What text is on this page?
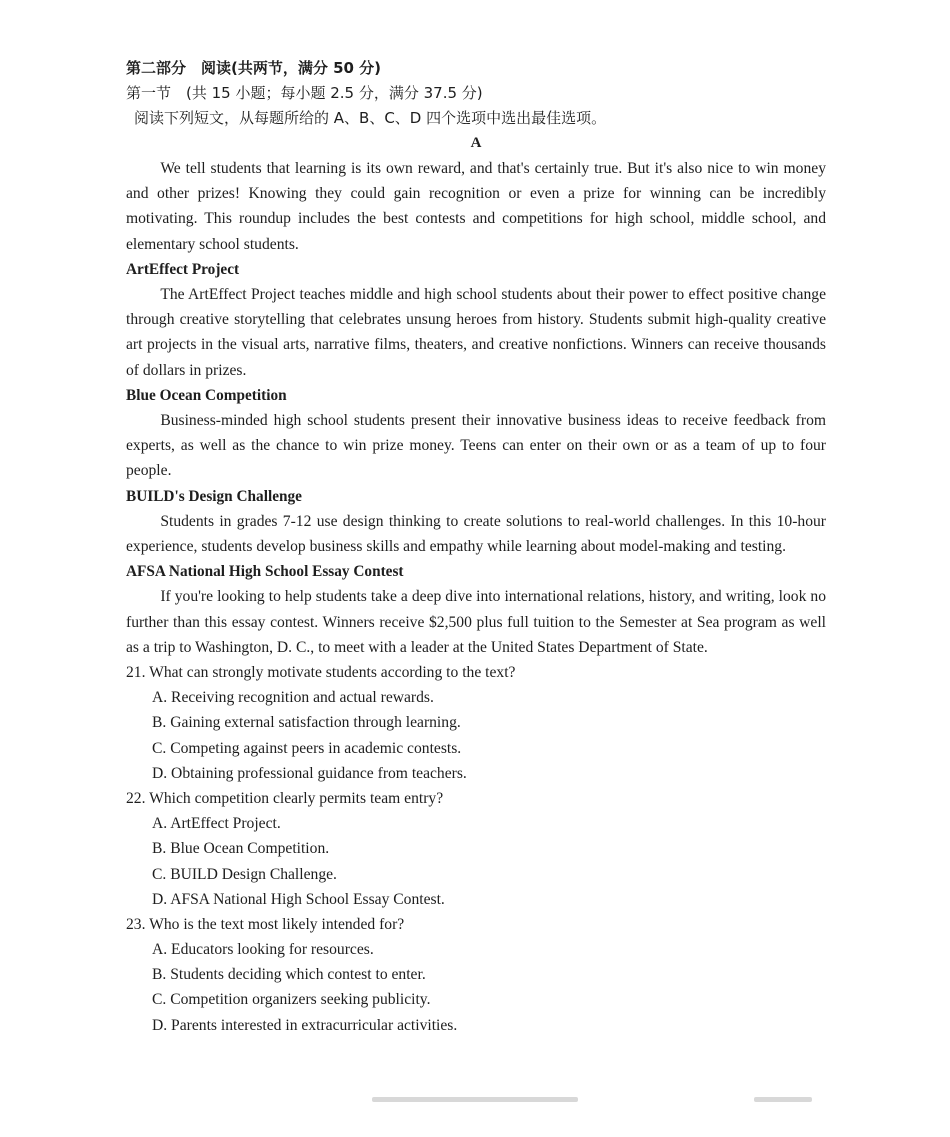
第二部分　阅读(共两节，满分 50 分)
第一节　(共 15 小题；每小题 2.5 分，满分 37.5 分)
阅读下列短文，从每题所给的 A、B、C、D 四个选项中选出最佳选项。
A

We tell students that learning is its own reward, and that's certainly true. But it's also nice to win money and other prizes! Knowing they could gain recognition or even a prize for winning can be incredibly motivating. This roundup includes the best contests and competitions for high school, middle school, and elementary school students.

ArtEffect Project

The ArtEffect Project teaches middle and high school students about their power to effect positive change through creative storytelling that celebrates unsung heroes from history. Students submit high-quality creative art projects in the visual arts, narrative films, theaters, and creative nonfictions. Winners can receive thousands of dollars in prizes.

Blue Ocean Competition

Business-minded high school students present their innovative business ideas to receive feedback from experts, as well as the chance to win prize money. Teens can enter on their own or as a team of up to four people.

BUILD's Design Challenge

Students in grades 7-12 use design thinking to create solutions to real-world challenges. In this 10-hour experience, students develop business skills and empathy while learning about model-making and testing.

AFSA National High School Essay Contest

If you're looking to help students take a deep dive into international relations, history, and writing, look no further than this essay contest. Winners receive $2,500 plus full tuition to the Semester at Sea program as well as a trip to Washington, D. C., to meet with a leader at the United States Department of State.

21. What can strongly motivate students according to the text?
A. Receiving recognition and actual rewards.
B. Gaining external satisfaction through learning.
C. Competing against peers in academic contests.
D. Obtaining professional guidance from teachers.
22. Which competition clearly permits team entry?
A. ArtEffect Project.
B. Blue Ocean Competition.
C. BUILD Design Challenge.
D. AFSA National High School Essay Contest.
23. Who is the text most likely intended for?
A. Educators looking for resources.
B. Students deciding which contest to enter.
C. Competition organizers seeking publicity.
D. Parents interested in extracurricular activities.
